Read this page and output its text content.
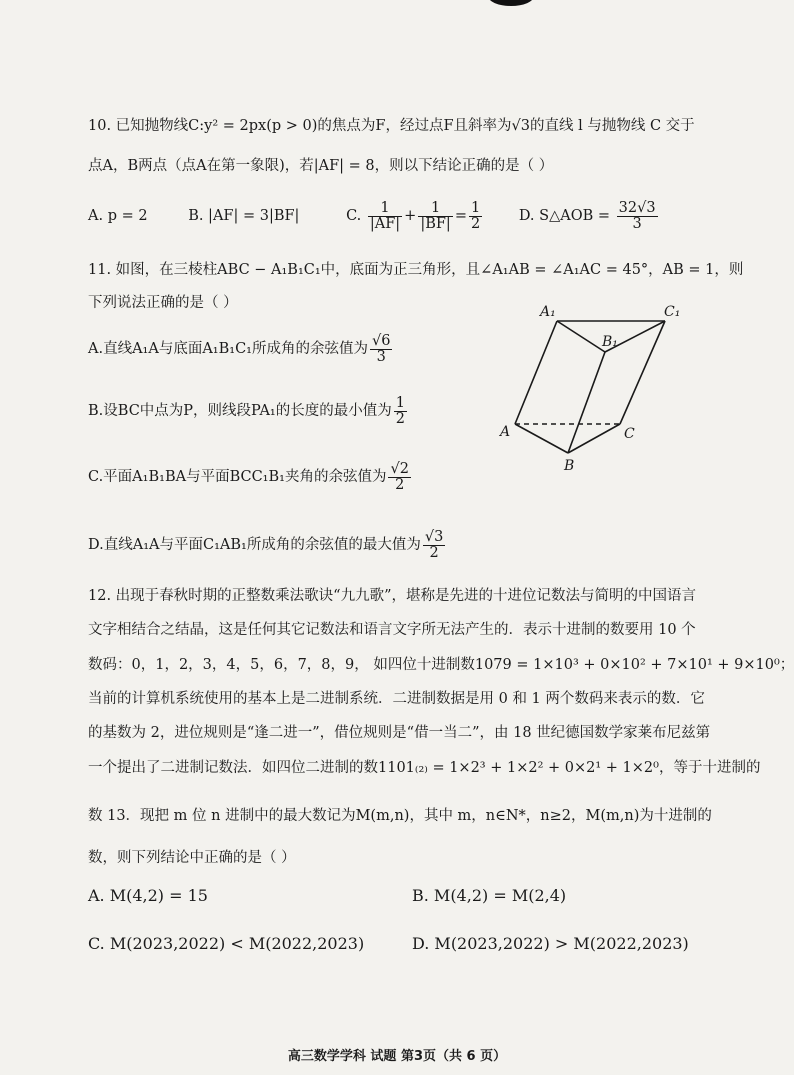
10. 已知抛物线C:y² = 2px(p > 0)的焦点为F，经过点F且斜率为√3的直线 l 与抛物线 C 交于
点A，B两点（点A在第一象限)，若|AF| = 8，则以下结论正确的是（ ）
A. p = 2	B. |AF| = 3|BF|	C. $\frac{1}{|AF|} + \frac{1}{|BF|} = \frac{1}{2}$	D. S△AOB = $\frac{32√3}{3}$
11. 如图，在三棱柱ABC − A₁B₁C₁中，底面为正三角形，且∠A₁AB = ∠A₁AC = 45°，AB = 1，则
下列说法正确的是（ ）
A.直线A₁A与底面A₁B₁C₁所成角的余弦值为 $\frac{√6}{3}$
B.设BC中点为P，则线段PA₁的长度的最小值为 $\frac{1}{2}$
C.平面A₁B₁BA与平面BCC₁B₁夹角的余弦值为 $\frac{√2}{2}$
D.直线A₁A与平面C₁AB₁所成角的余弦值的最大值为 $\frac{√3}{2}$
A₁	C₁
B₁
A	C
B
12. 出现于春秋时期的正整数乘法歌诀“九九歌”，堪称是先进的十进位记数法与简明的中国语言
文字相结合之结晶，这是任何其它记数法和语言文字所无法产生的．表示十进制的数要用 10 个
数码：0，1，2，3，4，5，6，7，8，9， 如四位十进制数1079 = 1×10³ + 0×10² + 7×10¹ + 9×10⁰；
当前的计算机系统使用的基本上是二进制系统．二进制数据是用 0 和 1 两个数码来表示的数．它
的基数为 2，进位规则是“逢二进一”，借位规则是“借一当二”，由 18 世纪德国数学家莱布尼兹第
一个提出了二进制记数法．如四位二进制的数1101₍₂₎ = 1×2³ + 1×2² + 0×2¹ + 1×2⁰，等于十进制的
数 13．现把 m 位 n 进制中的最大数记为M(m,n)，其中 m，n∈N*，n≥2，M(m,n)为十进制的
数，则下列结论中正确的是（ ）
A. M(4,2) = 15	B. M(4,2) = M(2,4)
C. M(2023,2022) < M(2022,2023)	D. M(2023,2022) > M(2022,2023)
高三数学学科 试题 第3页（共 6 页）
